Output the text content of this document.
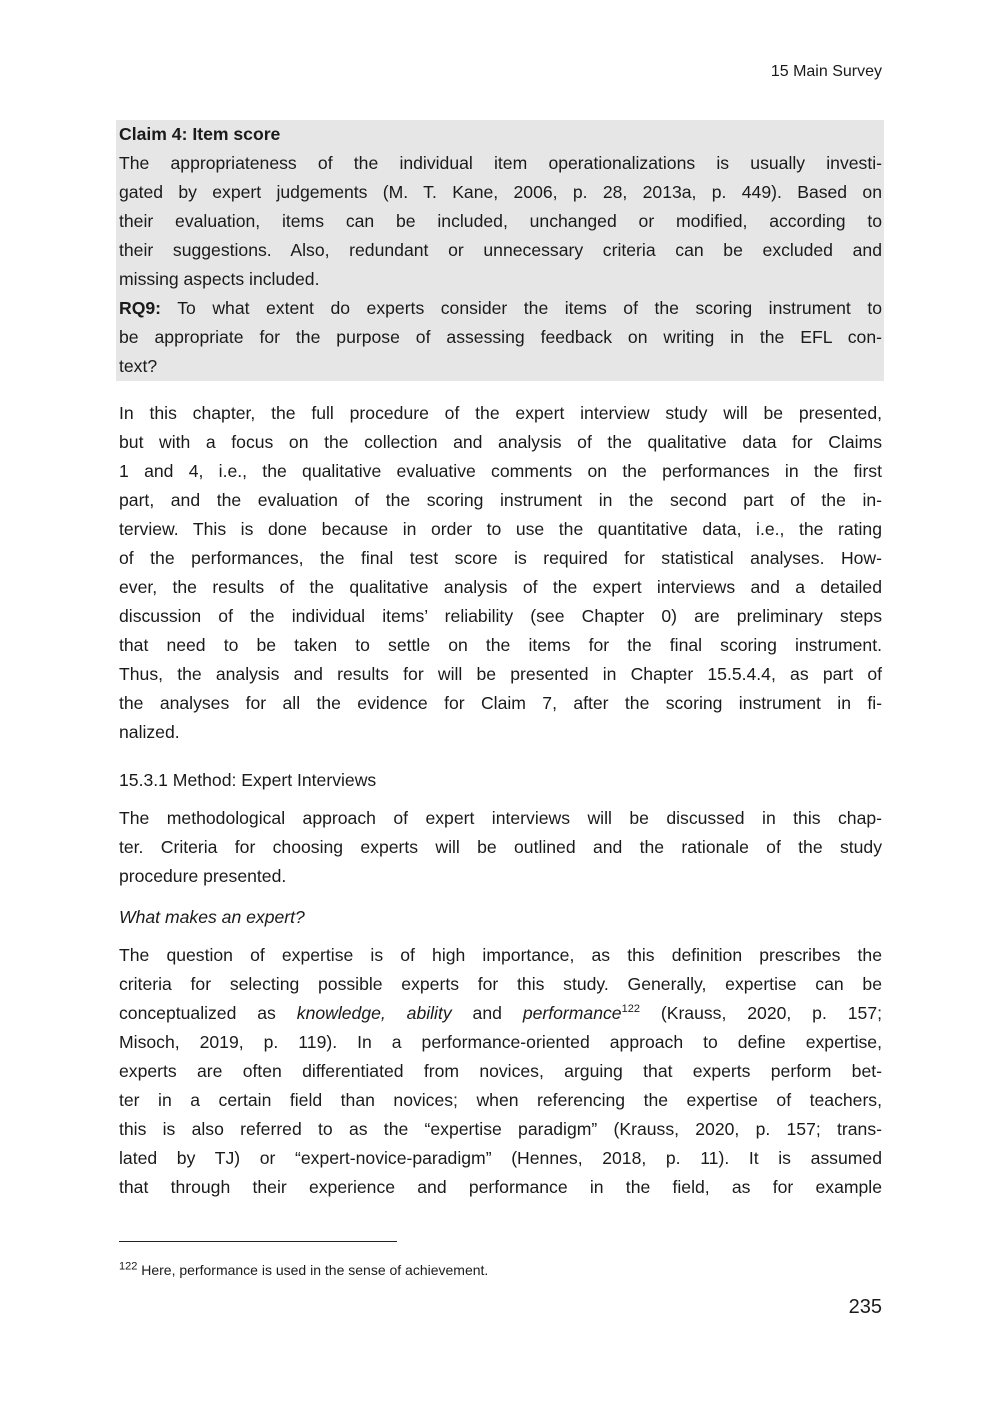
15 Main Survey
Claim 4: Item score
The appropriateness of the individual item operationalizations is usually investi-
gated by expert judgements (M. T. Kane, 2006, p. 28, 2013a, p. 449). Based on
their evaluation, items can be included, unchanged or modified, according to
their suggestions. Also, redundant or unnecessary criteria can be excluded and
missing aspects included.
RQ9: To what extent do experts consider the items of the scoring instrument to
be appropriate for the purpose of assessing feedback on writing in the EFL con-
text?
In this chapter, the full procedure of the expert interview study will be presented,
but with a focus on the collection and analysis of the qualitative data for Claims
1 and 4, i.e., the qualitative evaluative comments on the performances in the first
part, and the evaluation of the scoring instrument in the second part of the in-
terview. This is done because in order to use the quantitative data, i.e., the rating
of the performances, the final test score is required for statistical analyses. How-
ever, the results of the qualitative analysis of the expert interviews and a detailed
discussion of the individual items’ reliability (see Chapter 0) are preliminary steps
that need to be taken to settle on the items for the final scoring instrument.
Thus, the analysis and results for will be presented in Chapter 15.5.4.4, as part of
the analyses for all the evidence for Claim 7, after the scoring instrument in fi-
nalized.
15.3.1 Method: Expert Interviews
The methodological approach of expert interviews will be discussed in this chap-
ter. Criteria for choosing experts will be outlined and the rationale of the study
procedure presented.
What makes an expert?
The question of expertise is of high importance, as this definition prescribes the
criteria for selecting possible experts for this study. Generally, expertise can be
conceptualized as knowledge, ability and performance$^{122}$ (Krauss, 2020, p. 157;
Misoch, 2019, p. 119). In a performance-oriented approach to define expertise,
experts are often differentiated from novices, arguing that experts perform bet-
ter in a certain field than novices; when referencing the expertise of teachers,
this is also referred to as the “expertise paradigm” (Krauss, 2020, p. 157; trans-
lated by TJ) or “expert-novice-paradigm” (Hennes, 2018, p. 11). It is assumed
that through their experience and performance in the field, as for example
$^{122}$ Here, performance is used in the sense of achievement.
235
